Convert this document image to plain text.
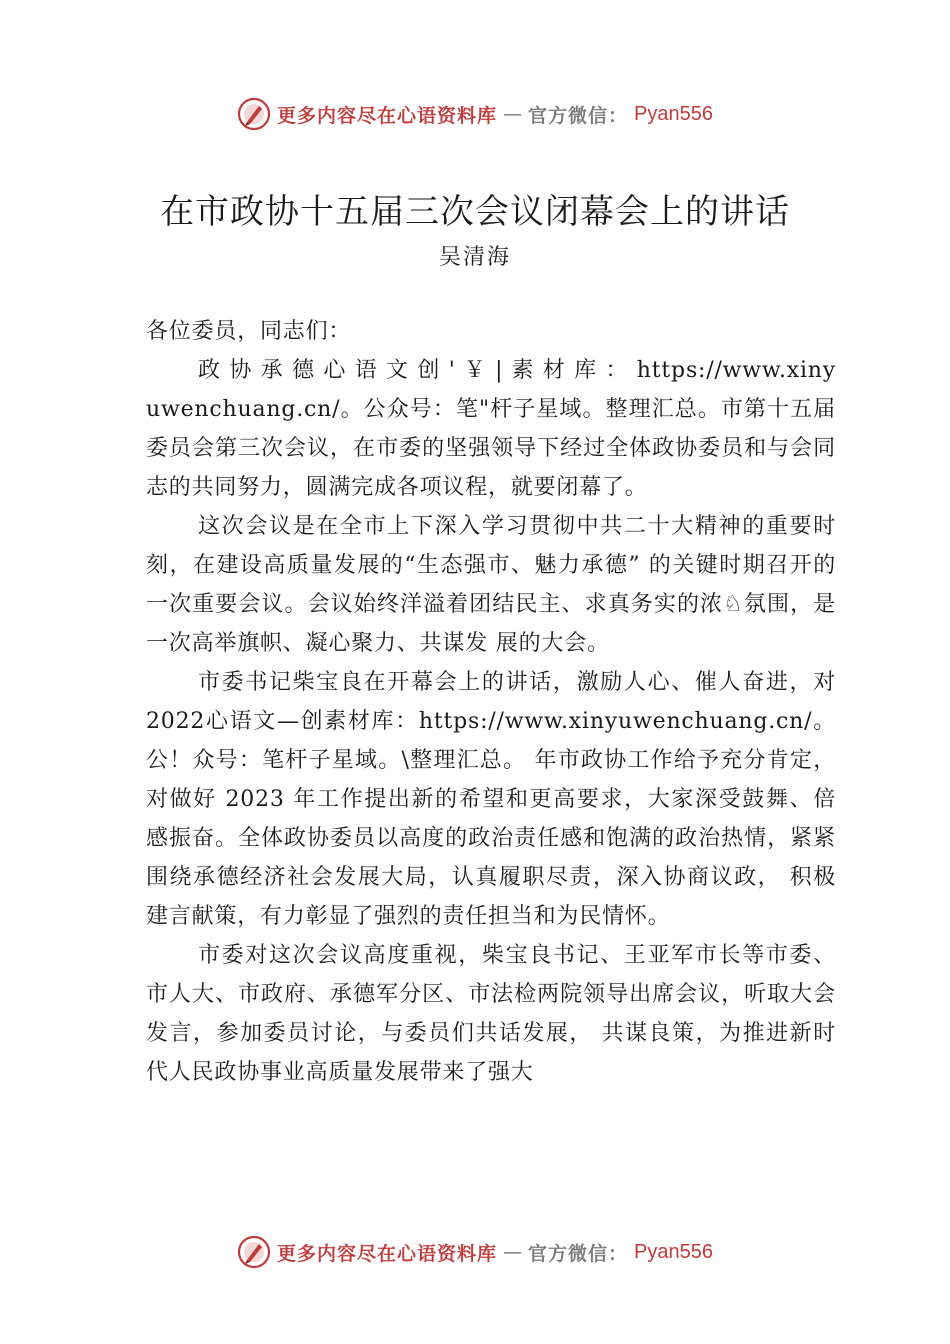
更多内容尽在心语资料库 — 官方微信： Pyan556
在市政协十五届三次会议闭幕会上的讲话
吴清海

各位委员，同志们：

政 协 承 德 心 语 文 创 ' ￥ | 素 材 库 ： https://www.xinyuwenchuang.cn/。公众号：笔"杆子星域。整理汇总。市第十五届委员会第三次会议，在市委的坚强领导下经过全体政协委员和与会同志的共同努力，圆满完成各项议程，就要闭幕了。

这次会议是在全市上下深入学习贯彻中共二十大精神的重要时刻，在建设高质量发展的“生态强市、魅力承德” 的关键时期召开的一次重要会议。会议始终洋溢着团结民主、求真务实的浓♘氛围，是一次高举旗帜、凝心聚力、共谋发 展的大会。

市委书记柴宝良在开幕会上的讲话，激励人心、催人奋进，对 2022心语文—创素材库：https://www.xinyuwenchuang.cn/。公！众号：笔杆子星域。\整理汇总。 年市政协工作给予充分肯定，对做好 2023 年工作提出新的希望和更高要求，大家深受鼓舞、倍感振奋。全体政协委员以高度的政治责任感和饱满的政治热情，紧紧围绕承德经济社会发展大局，认真履职尽责，深入协商议政， 积极建言献策，有力彰显了强烈的责任担当和为民情怀。

市委对这次会议高度重视，柴宝良书记、王亚军市长等市委、市人大、市政府、承德军分区、市法检两院领导出席会议，听取大会发言，参加委员讨论，与委员们共话发展， 共谋良策，为推进新时代人民政协事业高质量发展带来了强大

更多内容尽在心语资料库 — 官方微信： Pyan556
